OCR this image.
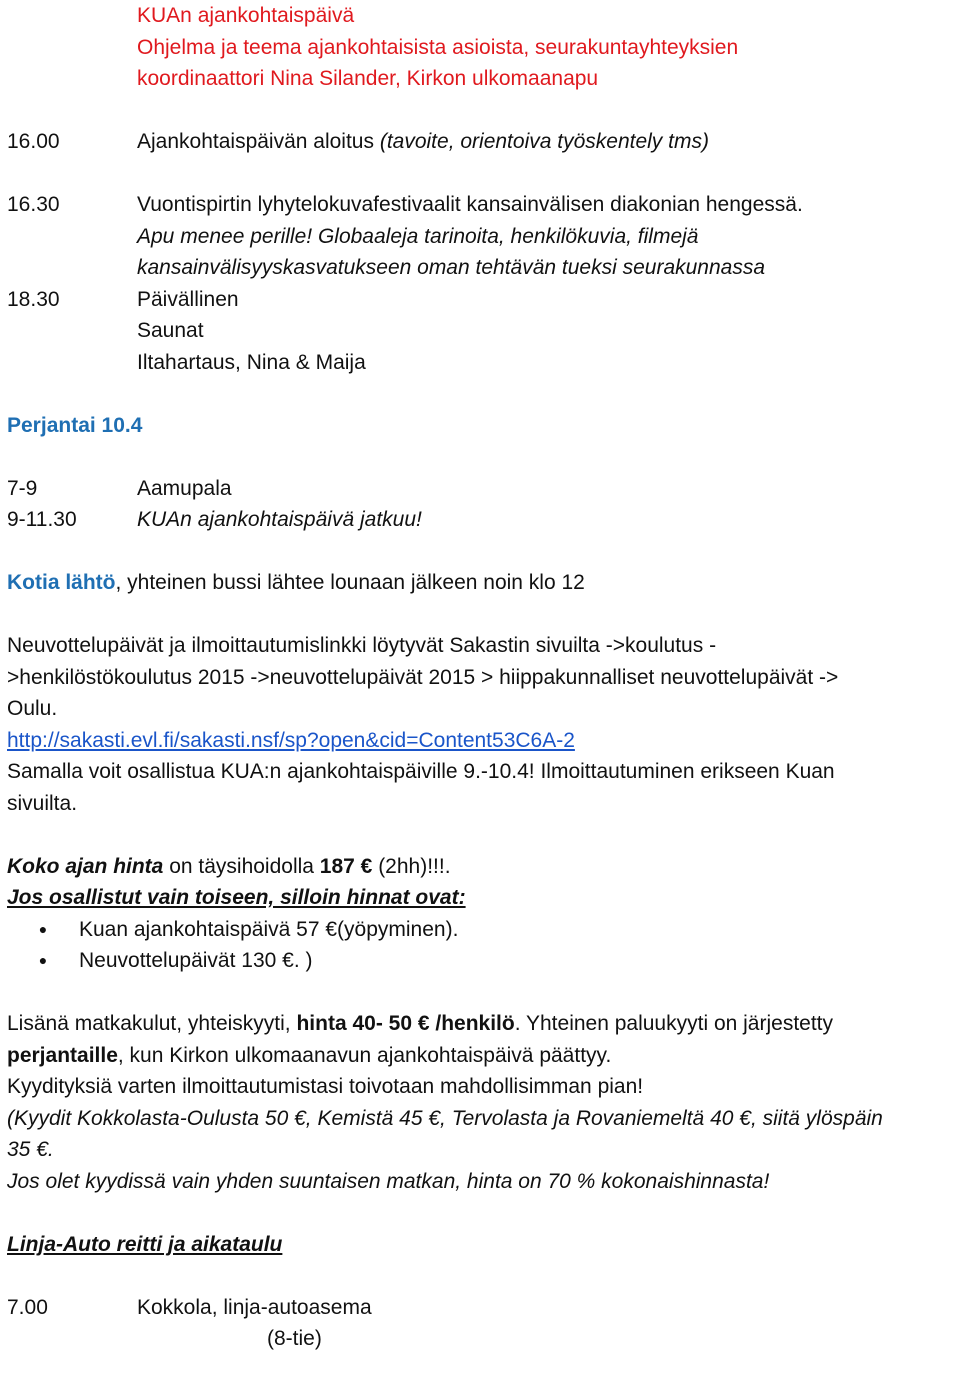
KUAn ajankohtaispäivä
Ohjelma ja teema ajankohtaisista asioista, seurakuntayhteyksien
koordinaattori Nina Silander, Kirkon ulkomaanapu
16.00	Ajankohtaispäivän aloitus (tavoite, orientoiva työskentely tms)
16.30	Vuontispirtin lyhytelokuvafestivaalit kansainvälisen diakonian hengessä.
Apu menee perille! Globaaleja tarinoita, henkilökuvia, filmejä
kansainvälisyyskasvatukseen oman tehtävän tueksi seurakunnassa
18.30	Päivällinen
Saunat
Iltahartaus, Nina & Maija
Perjantai 10.4
7-9	Aamupala
9-11.30	KUAn ajankohtaispäivä jatkuu!
Kotia lähtö, yhteinen bussi lähtee lounaan jälkeen noin klo 12
Neuvottelupäivät ja ilmoittautumislinkki löytyvät Sakastin sivuilta ->koulutus -
>henkilöstökoulutus 2015 ->neuvottelupäivät 2015 > hiippakunnalliset neuvottelupäivät ->
Oulu.
http://sakasti.evl.fi/sakasti.nsf/sp?open&cid=Content53C6A-2
Samalla voit osallistua KUA:n ajankohtaispäiville 9.-10.4! Ilmoittautuminen erikseen Kuan
sivuilta.
Koko ajan hinta on täysihoidolla 187 € (2hh)!!!.
Jos osallistut vain toiseen, silloin hinnat ovat:
●	Kuan ajankohtaispäivä 57 €(yöpyminen).
●	Neuvottelupäivät 130 €. )
Lisänä matkakulut, yhteiskyyti, hinta 40- 50 € /henkilö. Yhteinen paluukyyti on järjestetty
perjantaille, kun Kirkon ulkomaanavun ajankohtaispäivä päättyy.
Kyydityksiä varten ilmoittautumistasi toivotaan mahdollisimman pian!
(Kyydit Kokkolasta-Oulusta 50 €, Kemistä 45 €, Tervolasta ja Rovaniemeltä 40 €, siitä ylöspäin
35 €.
Jos olet kyydissä vain yhden suuntaisen matkan, hinta on 70 % kokonaishinnasta!
Linja-Auto reitti ja aikataulu
7.00	Kokkola, linja-autoasema
(8-tie)
